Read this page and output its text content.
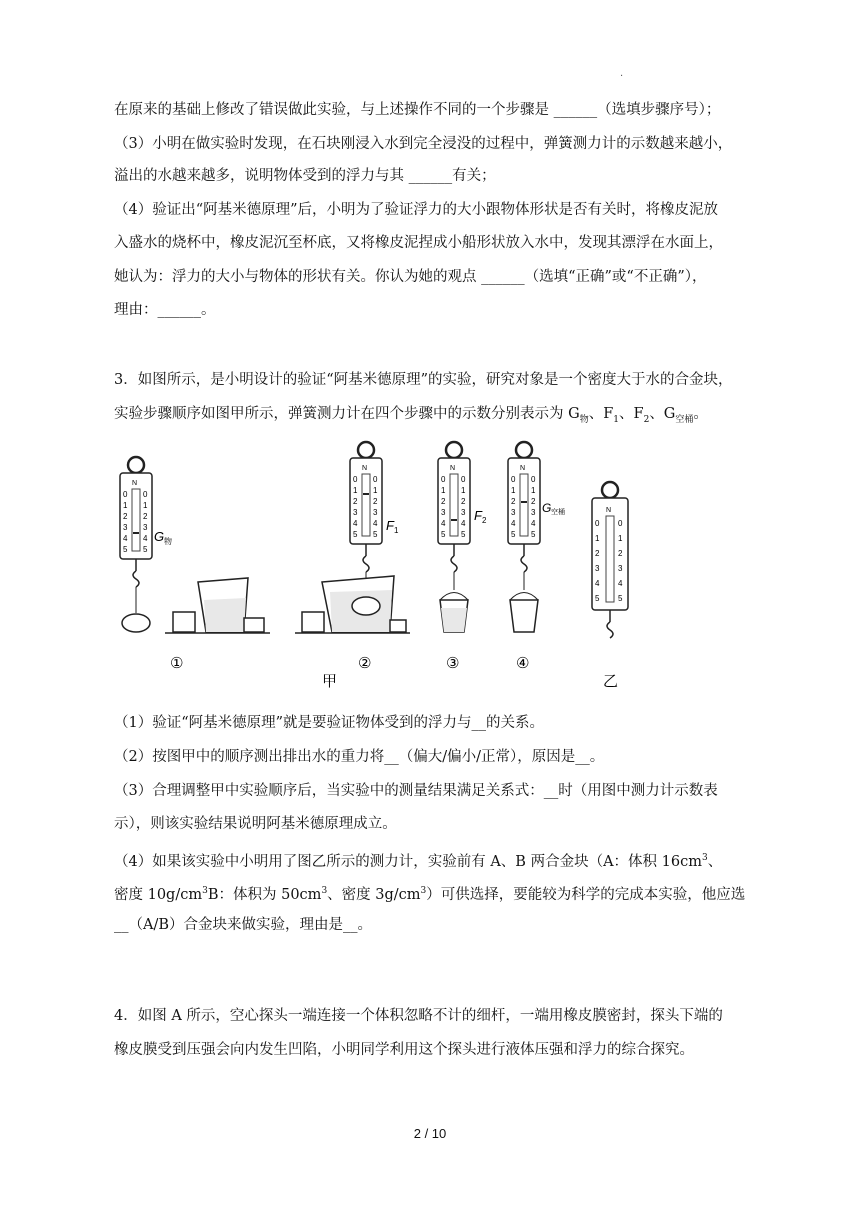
.
在原来的基础上修改了错误做此实验，与上述操作不同的一个步骤是 ______（选填步骤序号）；
（3）小明在做实验时发现，在石块刚浸入水到完全浸没的过程中，弹簧测力计的示数越来越小，
溢出的水越来越多，说明物体受到的浮力与其 ______有关；
（4）验证出“阿基米德原理”后，小明为了验证浮力的大小跟物体形状是否有关时，将橡皮泥放
入盛水的烧杯中，橡皮泥沉至杯底，又将橡皮泥捏成小船形状放入水中，发现其漂浮在水面上，
她认为：浮力的大小与物体的形状有关。你认为她的观点 ______（选填“正确”或“不正确”），
理由：______。
3．如图所示，是小明设计的验证“阿基米德原理”的实验，研究对象是一个密度大于水的合金块，
实验步骤顺序如图甲所示，弹簧测力计在四个步骤中的示数分别表示为 $G_物$、$F_1$、$F_2$、$G_{空桶}$。
N
0 0
1 1
2 2
3 3
4 4
5 5
G 物
N
0 0
1 1
2 2
3 3
4 4
5 5
F 1
N
0 0
1 1
2 2
3 3
4 4
5 5
F 2
N
0 0
1 1
2 2
3 3
4 4
5 5
G 空桶	N
0 0
1 1
2 2
3 3
4 4
5 5
①	②	③	④
甲	乙
（1）验证“阿基米德原理”就是要验证物体受到的浮力与__的关系。
（2）按图甲中的顺序测出排出水的重力将__（偏大/偏小/正常），原因是__。
（3）合理调整甲中实验顺序后，当实验中的测量结果满足关系式：__时（用图中测力计示数表
示），则该实验结果说明阿基米德原理成立。
（4）如果该实验中小明用了图乙所示的测力计，实验前有 A、B 两合金块（A：体积 $16cm^3$、
密度 $10g/cm^3B$：体积为 $50cm^3$、密度 $3g/cm^3$）可供选择，要能较为科学的完成本实验，他应选
__（A/B）合金块来做实验，理由是__。
4．如图 A 所示，空心探头一端连接一个体积忽略不计的细杆，一端用橡皮膜密封，探头下端的
橡皮膜受到压强会向内发生凹陷，小明同学利用这个探头进行液体压强和浮力的综合探究。
2 / 10
